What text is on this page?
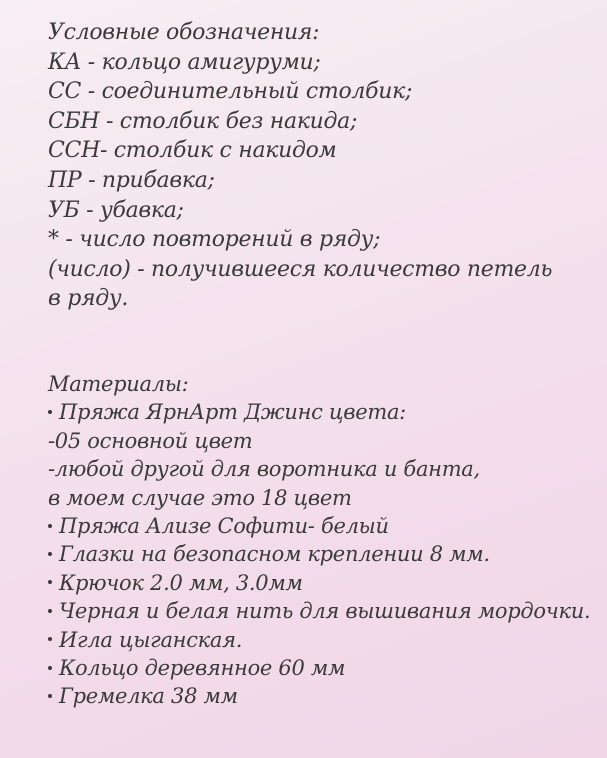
Условные обозначения:
КА - кольцо амигуруми;
СС - соединительный столбик;
СБН - столбик без накида;
ССН- столбик с накидом
ПР - прибавка;
УБ - убавка;
* - число повторений в ряду;
(число) - получившееся количество петель
в ряду.
Материалы:
Пряжа ЯрнАрт Джинс цвета:
-05 основной цвет
-любой другой для воротника и банта,
в моем случае это 18 цвет
Пряжа Ализе Софити- белый
Глазки на безопасном креплении 8 мм.
Крючок 2.0 мм, 3.0мм
Черная и белая нить для вышивания мордочки.
Игла цыганская.
Кольцо деревянное 60 мм
Гремелка 38 мм
